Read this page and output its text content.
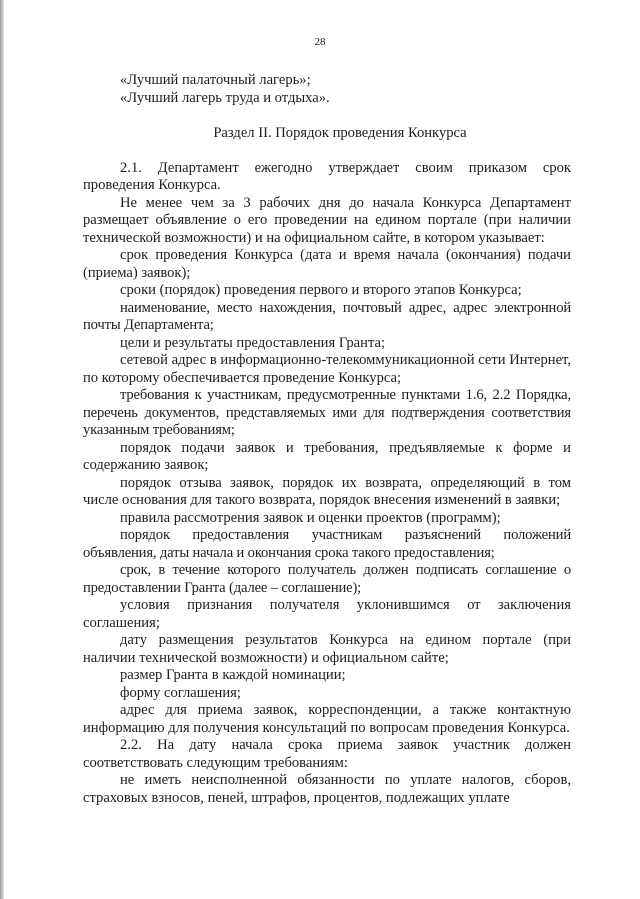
28
«Лучший палаточный лагерь»;
«Лучший лагерь труда и отдыха».
Раздел II. Порядок проведения Конкурса
2.1. Департамент ежегодно утверждает своим приказом срок проведения Конкурса.
Не менее чем за 3 рабочих дня до начала Конкурса Департамент размещает объявление о его проведении на едином портале (при наличии технической возможности) и на официальном сайте, в котором указывает:
срок проведения Конкурса (дата и время начала (окончания) подачи (приема) заявок);
сроки (порядок) проведения первого и второго этапов Конкурса;
наименование, место нахождения, почтовый адрес, адрес электронной почты Департамента;
цели и результаты предоставления Гранта;
сетевой адрес в информационно-телекоммуникационной сети Интернет, по которому обеспечивается проведение Конкурса;
требования к участникам, предусмотренные пунктами 1.6, 2.2 Порядка, перечень документов, представляемых ими для подтверждения соответствия указанным требованиям;
порядок подачи заявок и требования, предъявляемые к форме и содержанию заявок;
порядок отзыва заявок, порядок их возврата, определяющий в том числе основания для такого возврата, порядок внесения изменений в заявки;
правила рассмотрения заявок и оценки проектов (программ);
порядок предоставления участникам разъяснений положений объявления, даты начала и окончания срока такого предоставления;
срок, в течение которого получатель должен подписать соглашение о предоставлении Гранта (далее – соглашение);
условия признания получателя уклонившимся от заключения соглашения;
дату размещения результатов Конкурса на едином портале (при наличии технической возможности) и официальном сайте;
размер Гранта в каждой номинации;
форму соглашения;
адрес для приема заявок, корреспонденции, а также контактную информацию для получения консультаций по вопросам проведения Конкурса.
2.2. На дату начала срока приема заявок участник должен соответствовать следующим требованиям:
не иметь неисполненной обязанности по уплате налогов, сборов, страховых взносов, пеней, штрафов, процентов, подлежащих уплате
